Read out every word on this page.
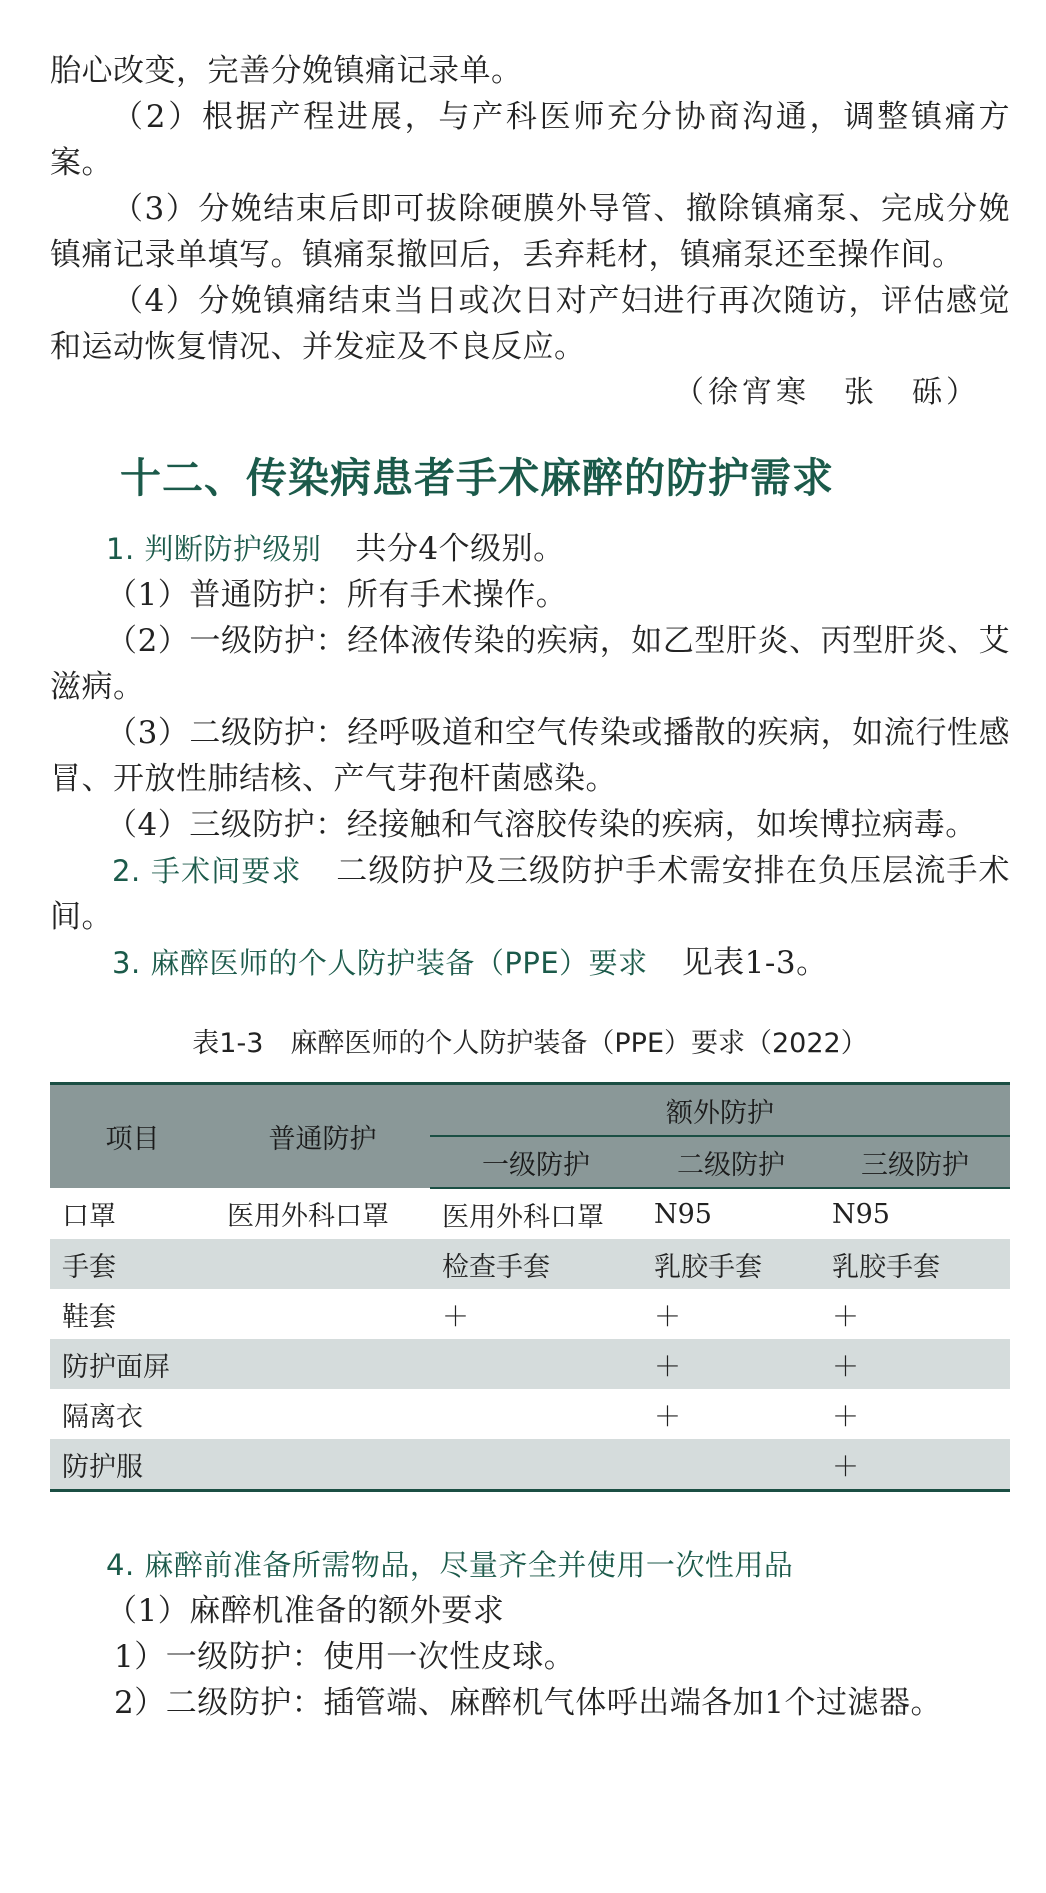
胎心改变，完善分娩镇痛记录单。

（2）根据产程进展，与产科医师充分协商沟通，调整镇痛方案。

（3）分娩结束后即可拔除硬膜外导管、撤除镇痛泵、完成分娩镇痛记录单填写。镇痛泵撤回后，丢弃耗材，镇痛泵还至操作间。

（4）分娩镇痛结束当日或次日对产妇进行再次随访，评估感觉和运动恢复情况、并发症及不良反应。

（徐宵寒　张　砾）

十二、传染病患者手术麻醉的防护需求

1. 判断防护级别 共分4个级别。

（1）普通防护：所有手术操作。

（2）一级防护：经体液传染的疾病，如乙型肝炎、丙型肝炎、艾滋病。

（3）二级防护：经呼吸道和空气传染或播散的疾病，如流行性感冒、开放性肺结核、产气芽孢杆菌感染。

（4）三级防护：经接触和气溶胶传染的疾病，如埃博拉病毒。

2. 手术间要求 二级防护及三级防护手术需安排在负压层流手术间。

3. 麻醉医师的个人防护装备（PPE）要求 见表1-3。

表1-3　麻醉医师的个人防护装备（PPE）要求（2022）
项目	普通防护	额外防护		
		一级防护	二级防护	三级防护
口罩	医用外科口罩	医用外科口罩	N95	N95
手套		检查手套	乳胶手套	乳胶手套
鞋套		＋	＋	＋
防护面屏			＋	＋
隔离衣			＋	＋
防护服				＋

4. 麻醉前准备所需物品，尽量齐全并使用一次性用品

（1）麻醉机准备的额外要求

1）一级防护：使用一次性皮球。

2）二级防护：插管端、麻醉机气体呼出端各加1个过滤器。
